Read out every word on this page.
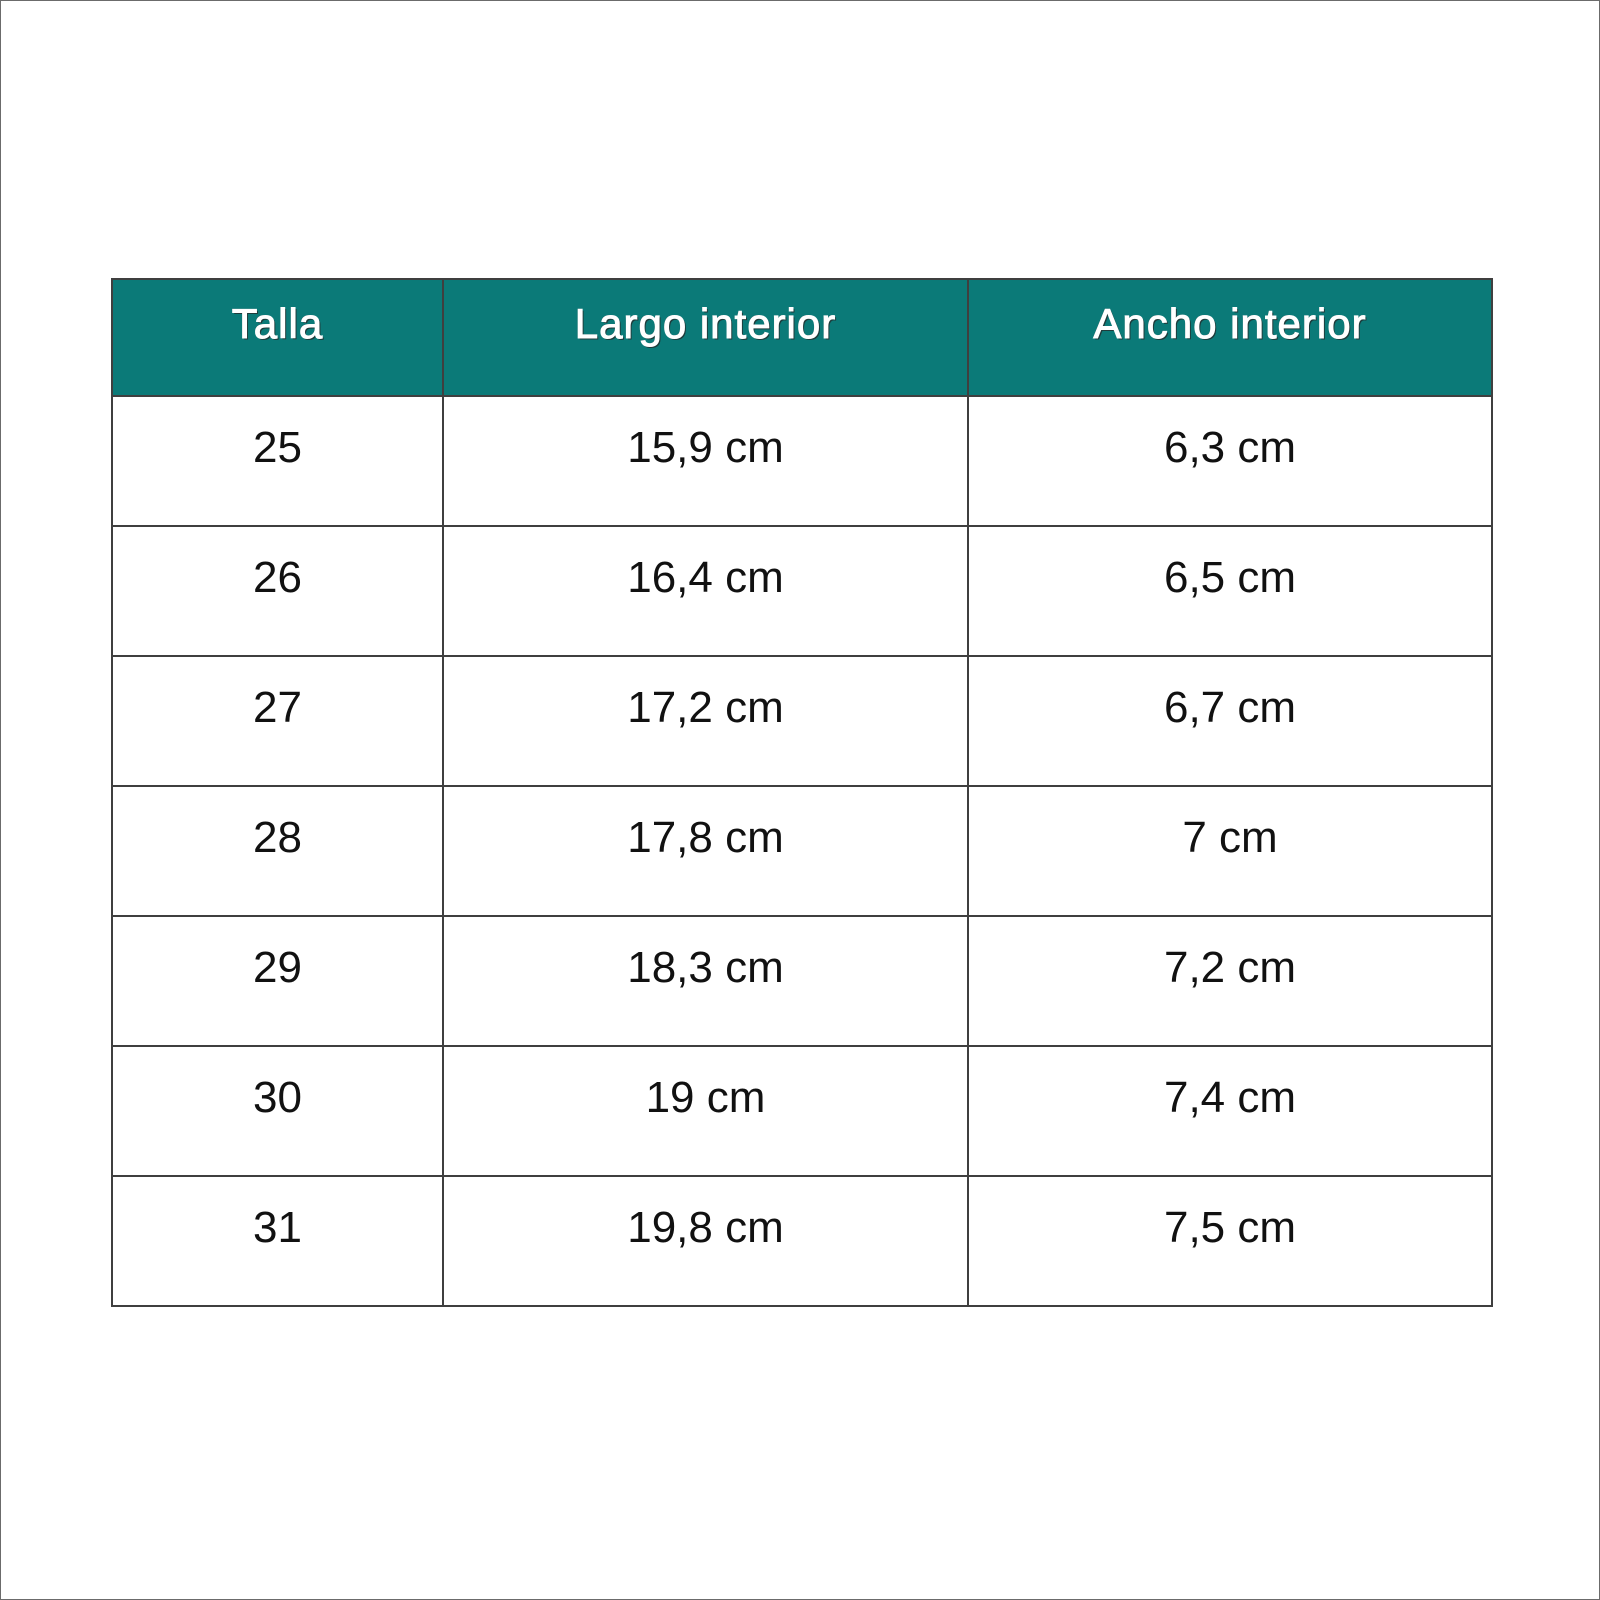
Talla	Largo interior	Ancho interior
25	15,9 cm	6,3 cm
26	16,4 cm	6,5 cm
27	17,2 cm	6,7 cm
28	17,8 cm	7 cm
29	18,3 cm	7,2 cm
30	19 cm	7,4 cm
31	19,8 cm	7,5 cm
